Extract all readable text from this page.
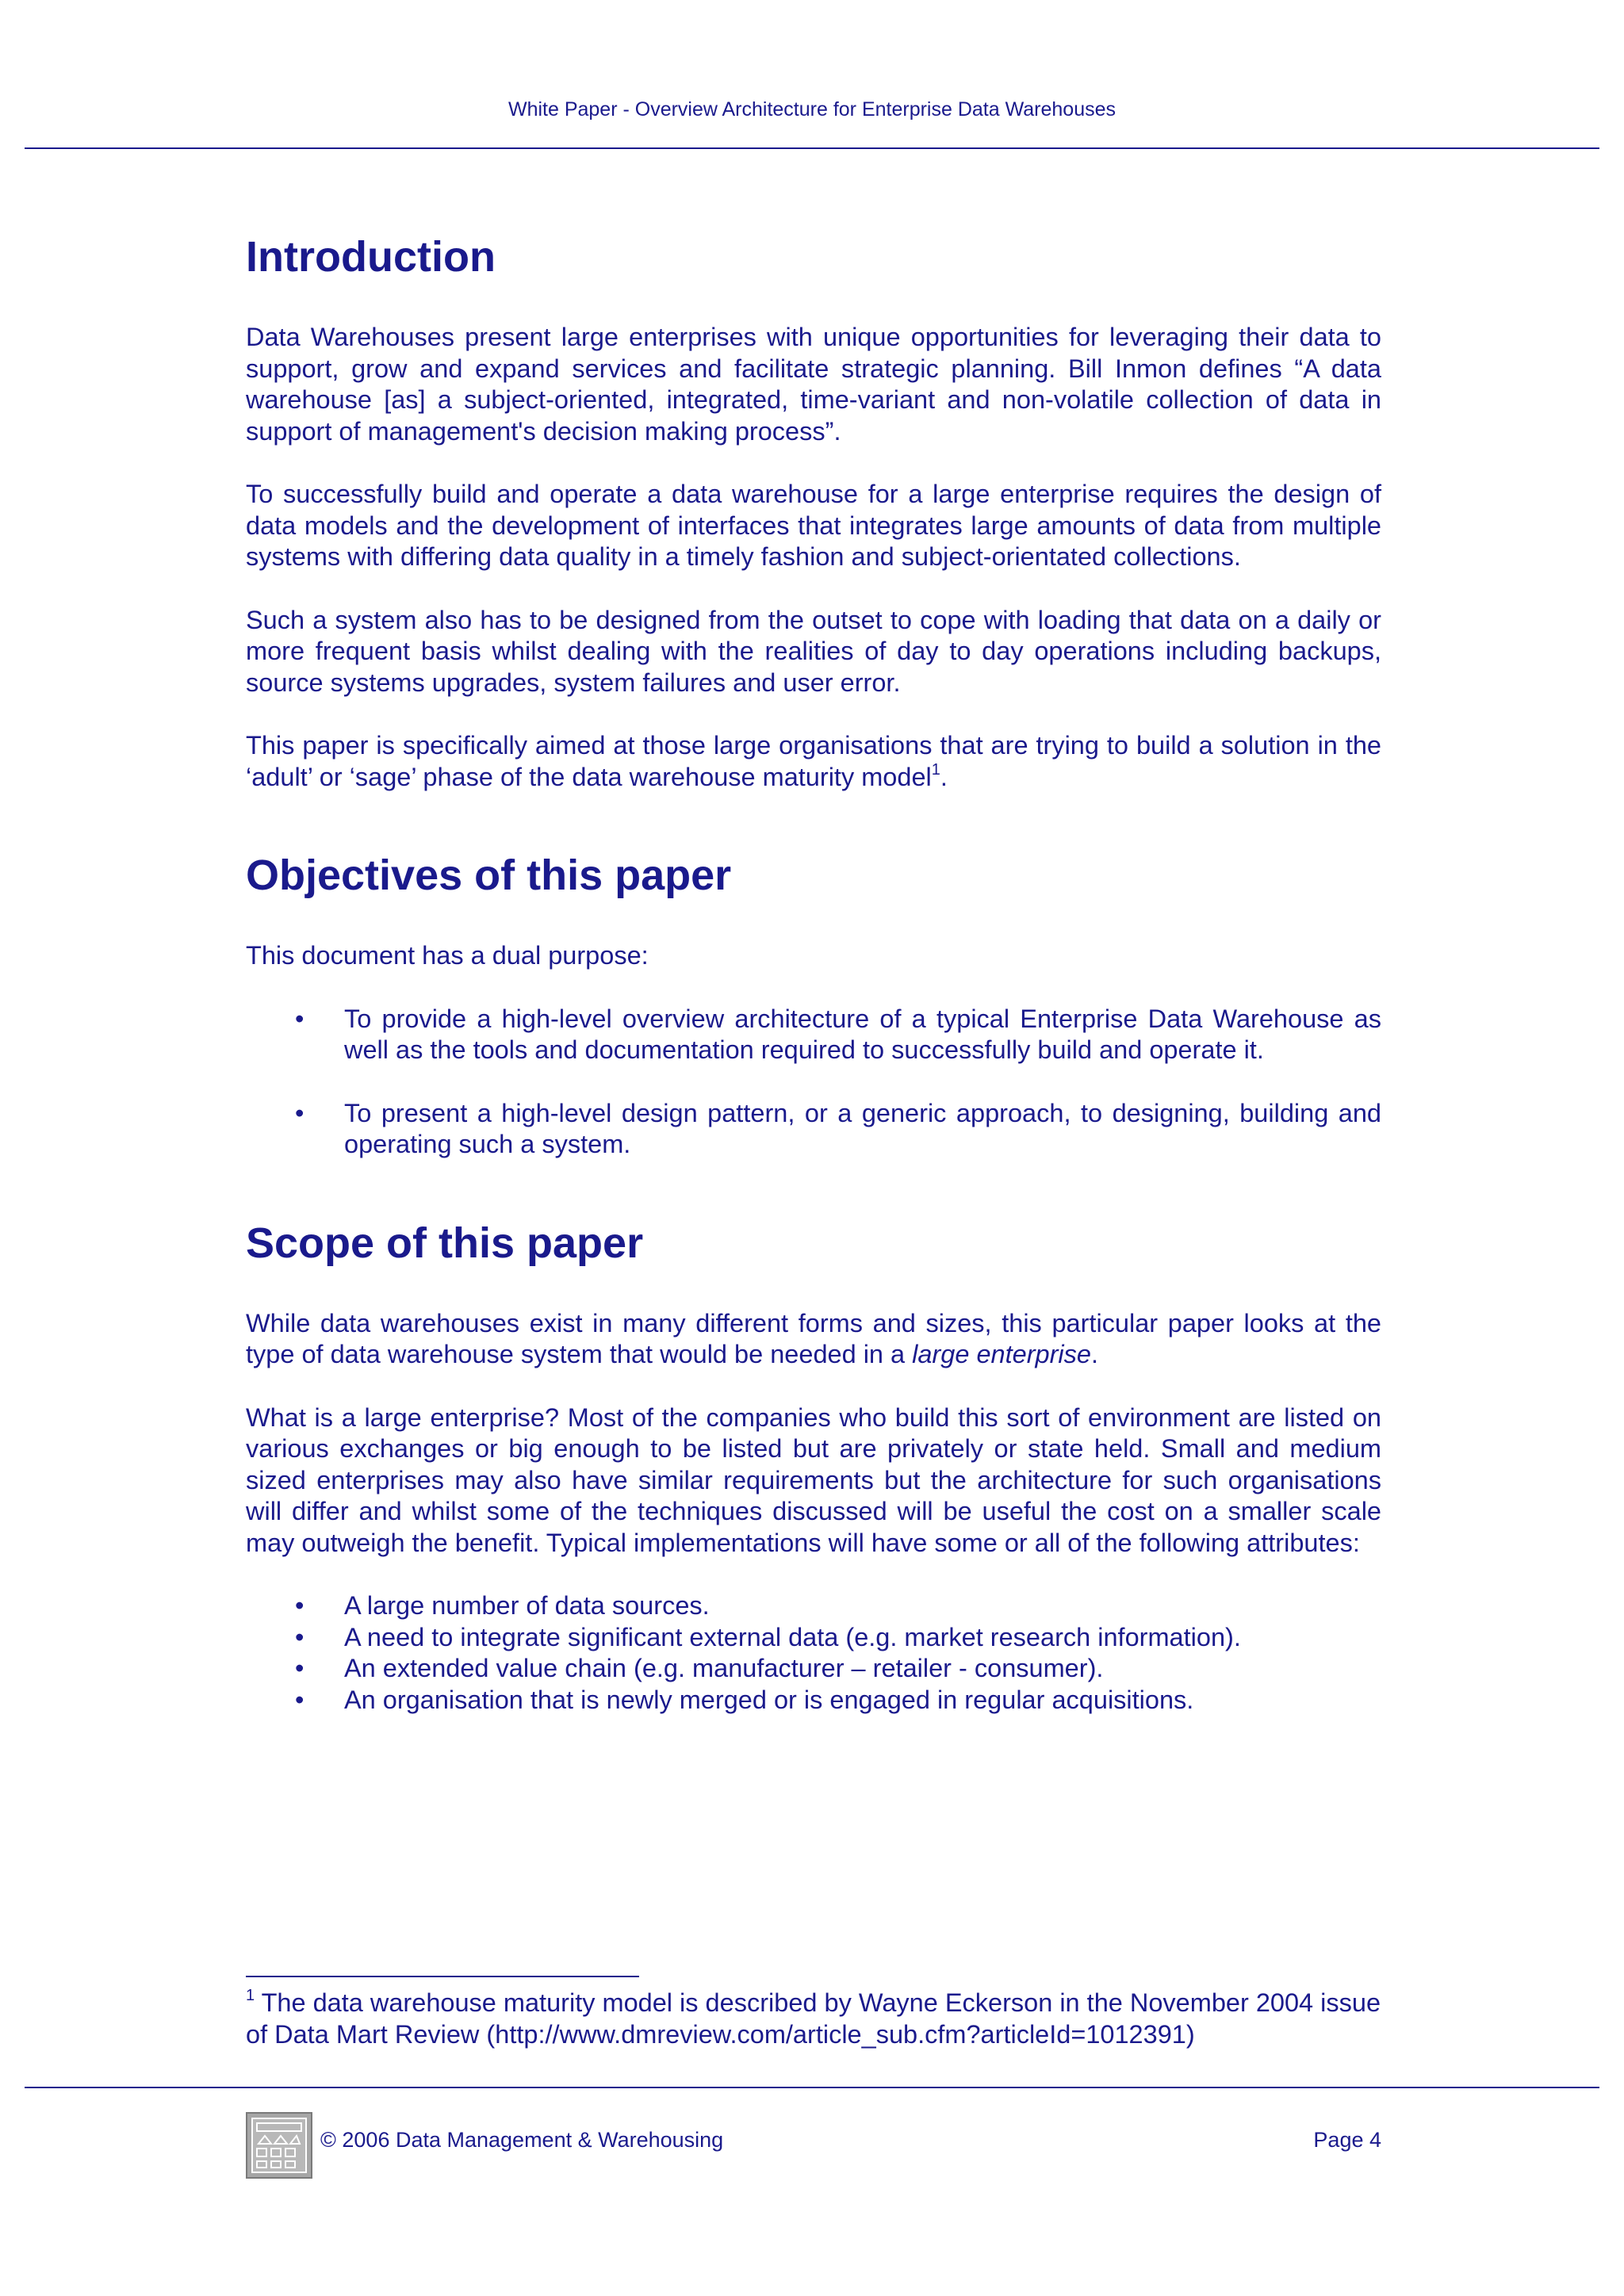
White Paper - Overview Architecture for Enterprise Data Warehouses
Introduction

Data Warehouses present large enterprises with unique opportunities for leveraging their data to support, grow and expand services and facilitate strategic planning. Bill Inmon defines “A data warehouse [as] a subject-oriented, integrated, time-variant and non-volatile collection of data in support of management's decision making process”.

To successfully build and operate a data warehouse for a large enterprise requires the design of data models and the development of interfaces that integrates large amounts of data from multiple systems with differing data quality in a timely fashion and subject-orientated collections.

Such a system also has to be designed from the outset to cope with loading that data on a daily or more frequent basis whilst dealing with the realities of day to day operations including backups, source systems upgrades, system failures and user error.

This paper is specifically aimed at those large organisations that are trying to build a solution in the ‘adult’ or ‘sage’ phase of the data warehouse maturity model$^1$.

Objectives of this paper

This document has a dual purpose:

•	To provide a high-level overview architecture of a typical Enterprise Data Warehouse as well as the tools and documentation required to successfully build and operate it.
•	To present a high-level design pattern, or a generic approach, to designing, building and operating such a system.
Scope of this paper

While data warehouses exist in many different forms and sizes, this particular paper looks at the type of data warehouse system that would be needed in a large enterprise.

What is a large enterprise? Most of the companies who build this sort of environment are listed on various exchanges or big enough to be listed but are privately or state held. Small and medium sized enterprises may also have similar requirements but the architecture for such organisations will differ and whilst some of the techniques discussed will be useful the cost on a smaller scale may outweigh the benefit. Typical implementations will have some or all of the following attributes:

•	A large number of data sources.
•	A need to integrate significant external data (e.g. market research information).
•	An extended value chain (e.g. manufacturer – retailer - consumer).
•	An organisation that is newly merged or is engaged in regular acquisitions.
$^1$ The data warehouse maturity model is described by Wayne Eckerson in the November 2004 issue of Data Mart Review (http://www.dmreview.com/article_sub.cfm?articleId=1012391)
© 2006 Data Management & Warehousing	Page 4
